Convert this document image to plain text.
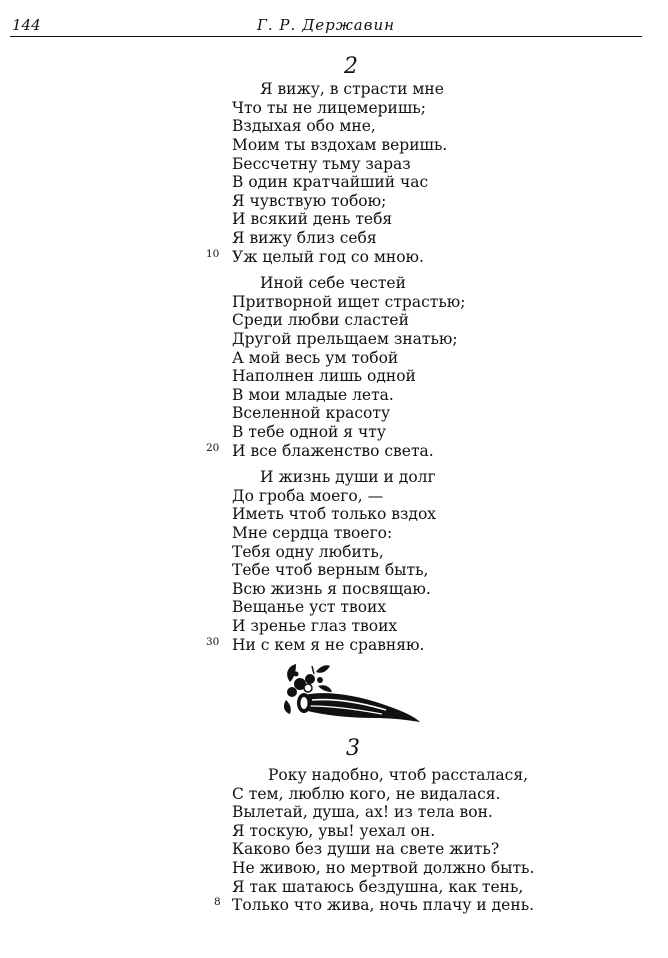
144	Г. Р. Державин
2
Я вижу, в страсти мне
Что ты не лицемеришь;
Вздыхая обо мне,
Моим ты вздохам веришь.
Бессчетну тьму зараз
В один кратчайший час
Я чувствую тобою;
И всякий день тебя
Я вижу близ себя
10 Уж целый год со мною.
Иной себе честей
Притворной ищет страстью;
Среди любви сластей
Другой прельщаем знатью;
А мой весь ум тобой
Наполнен лишь одной
В мои младые лета.
Вселенной красоту
В тебе одной я чту
20 И все блаженство света.
И жизнь души и долг
До гроба моего, —
Иметь чтоб только вздох
Мне сердца твоего:
Тебя одну любить,
Тебе чтоб верным быть,
Всю жизнь я посвящаю.
Вещанье уст твоих
И зренье глаз твоих
30 Ни с кем я не сравняю.
3
Року надобно, чтоб рассталася,
С тем, люблю кого, не видалася.
Вылетай, душа, ах! из тела вон.
Я тоскую, увы! уехал он.
Каково без души на свете жить?
Не живою, но мертвой должно быть.
Я так шатаюсь бездушна, как тень,
8 Только что жива, ночь плачу и день.
